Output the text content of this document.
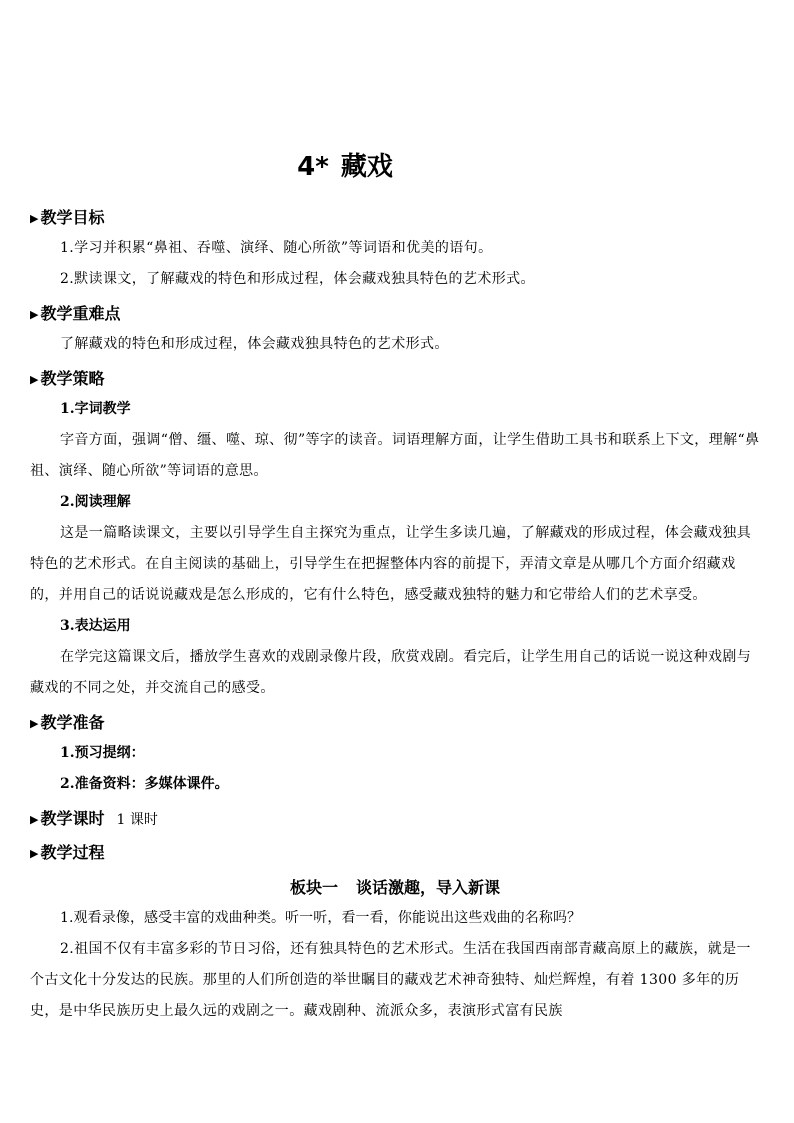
4* 藏戏
▶ 教学目标

1.学习并积累“鼻祖、吞噬、演绎、随心所欲”等词语和优美的语句。

2.默读课文，了解藏戏的特色和形成过程，体会藏戏独具特色的艺术形式。

▶ 教学重难点

了解藏戏的特色和形成过程，体会藏戏独具特色的艺术形式。

▶ 教学策略

1.字词教学

字音方面，强调“僧、缰、噬、琼、彻”等字的读音。词语理解方面，让学生借助工具书和联系上下文，理解“鼻祖、演绎、随心所欲”等词语的意思。

2.阅读理解

这是一篇略读课文，主要以引导学生自主探究为重点，让学生多读几遍，了解藏戏的形成过程，体会藏戏独具特色的艺术形式。在自主阅读的基础上，引导学生在把握整体内容的前提下，弄清文章是从哪几个方面介绍藏戏的，并用自己的话说说藏戏是怎么形成的，它有什么特色，感受藏戏独特的魅力和它带给人们的艺术享受。

3.表达运用

在学完这篇课文后，播放学生喜欢的戏剧录像片段，欣赏戏剧。看完后，让学生用自己的话说一说这种戏剧与藏戏的不同之处，并交流自己的感受。

▶ 教学准备

1.预习提纲：

2.准备资料：多媒体课件。

▶ 教学课时 1 课时
▶ 教学过程
板块一 谈话激趣，导入新课

1.观看录像，感受丰富的戏曲种类。听一听，看一看，你能说出这些戏曲的名称吗？

2.祖国不仅有丰富多彩的节日习俗，还有独具特色的艺术形式。生活在我国西南部青藏高原上的藏族，就是一个古文化十分发达的民族。那里的人们所创造的举世瞩目的藏戏艺术神奇独特、灿烂辉煌，有着 1300 多年的历史，是中华民族历史上最久远的戏剧之一。藏戏剧种、流派众多，表演形式富有民族
